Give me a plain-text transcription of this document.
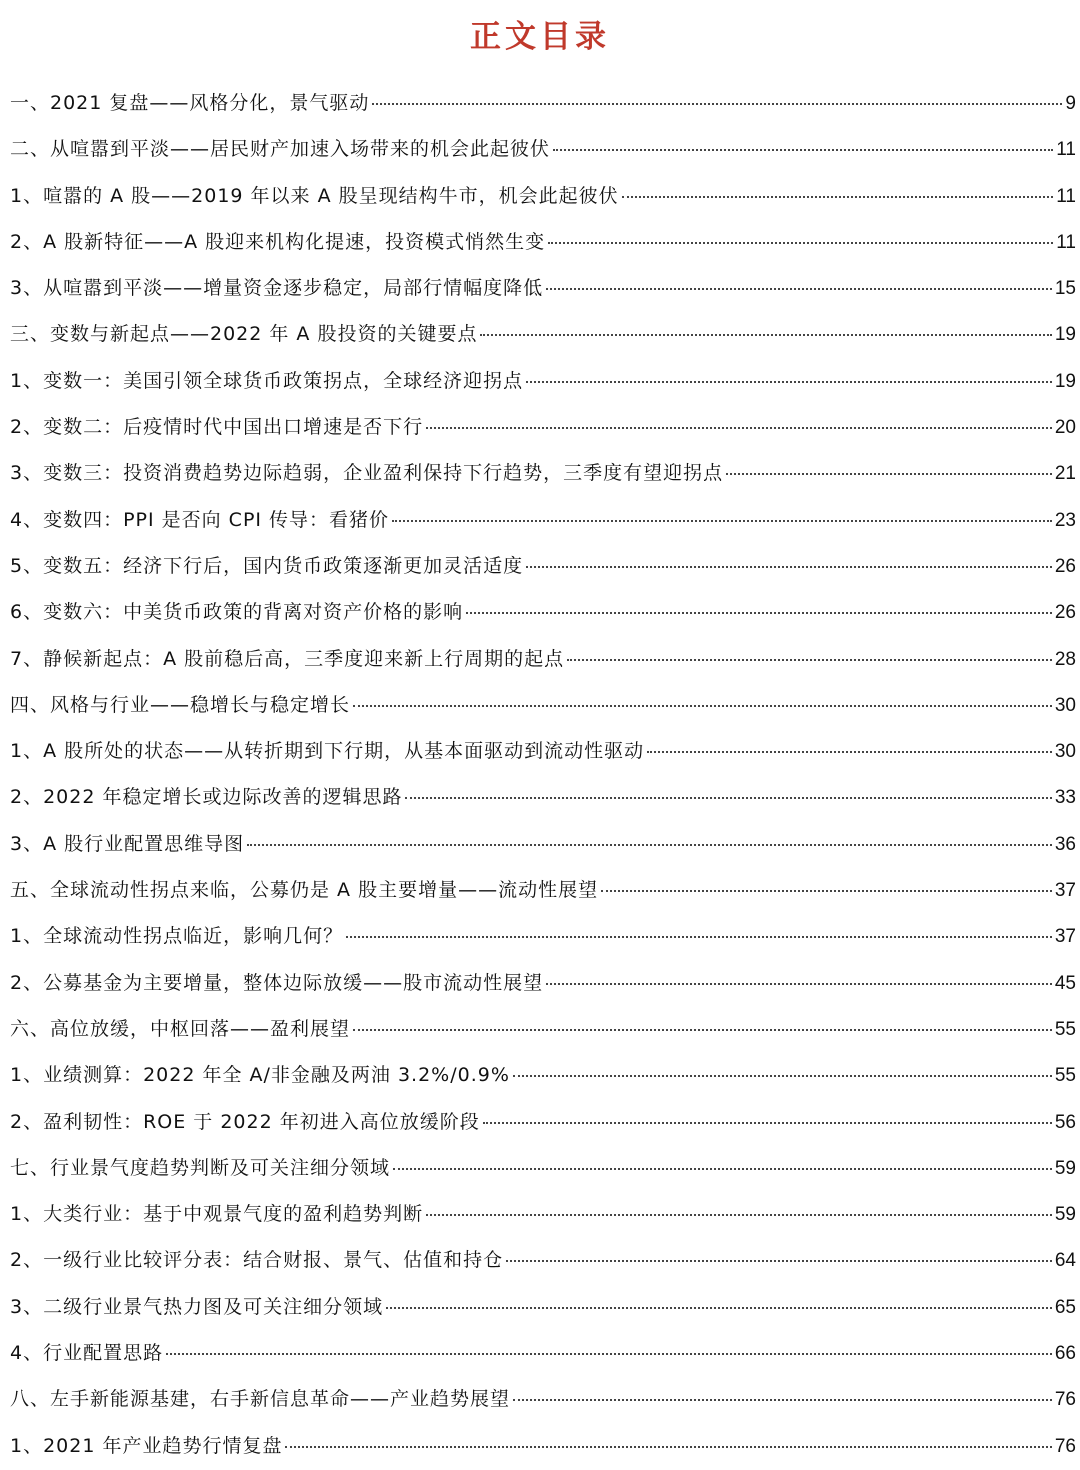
正文目录
一、2021 复盘——风格分化，景气驱动	9
二、从喧嚣到平淡——居民财产加速入场带来的机会此起彼伏	11
1、喧嚣的 A 股——2019 年以来 A 股呈现结构牛市，机会此起彼伏	11
2、A 股新特征——A 股迎来机构化提速，投资模式悄然生变	11
3、从喧嚣到平淡——增量资金逐步稳定，局部行情幅度降低	15
三、变数与新起点——2022 年 A 股投资的关键要点	19
1、变数一：美国引领全球货币政策拐点，全球经济迎拐点	19
2、变数二：后疫情时代中国出口增速是否下行	20
3、变数三：投资消费趋势边际趋弱，企业盈利保持下行趋势，三季度有望迎拐点	21
4、变数四：PPI 是否向 CPI 传导：看猪价	23
5、变数五：经济下行后，国内货币政策逐渐更加灵活适度	26
6、变数六：中美货币政策的背离对资产价格的影响	26
7、静候新起点：A 股前稳后高，三季度迎来新上行周期的起点	28
四、风格与行业——稳增长与稳定增长	30
1、A 股所处的状态——从转折期到下行期，从基本面驱动到流动性驱动	30
2、2022 年稳定增长或边际改善的逻辑思路	33
3、A 股行业配置思维导图	36
五、全球流动性拐点来临，公募仍是 A 股主要增量——流动性展望	37
1、全球流动性拐点临近，影响几何？	37
2、公募基金为主要增量，整体边际放缓——股市流动性展望	45
六、高位放缓，中枢回落——盈利展望	55
1、业绩测算：2022 年全 A/非金融及两油 3.2%/0.9%	55
2、盈利韧性：ROE 于 2022 年初进入高位放缓阶段	56
七、行业景气度趋势判断及可关注细分领域	59
1、大类行业：基于中观景气度的盈利趋势判断	59
2、一级行业比较评分表：结合财报、景气、估值和持仓	64
3、二级行业景气热力图及可关注细分领域	65
4、行业配置思路	66
八、左手新能源基建，右手新信息革命——产业趋势展望	76
1、2021 年产业趋势行情复盘	76
